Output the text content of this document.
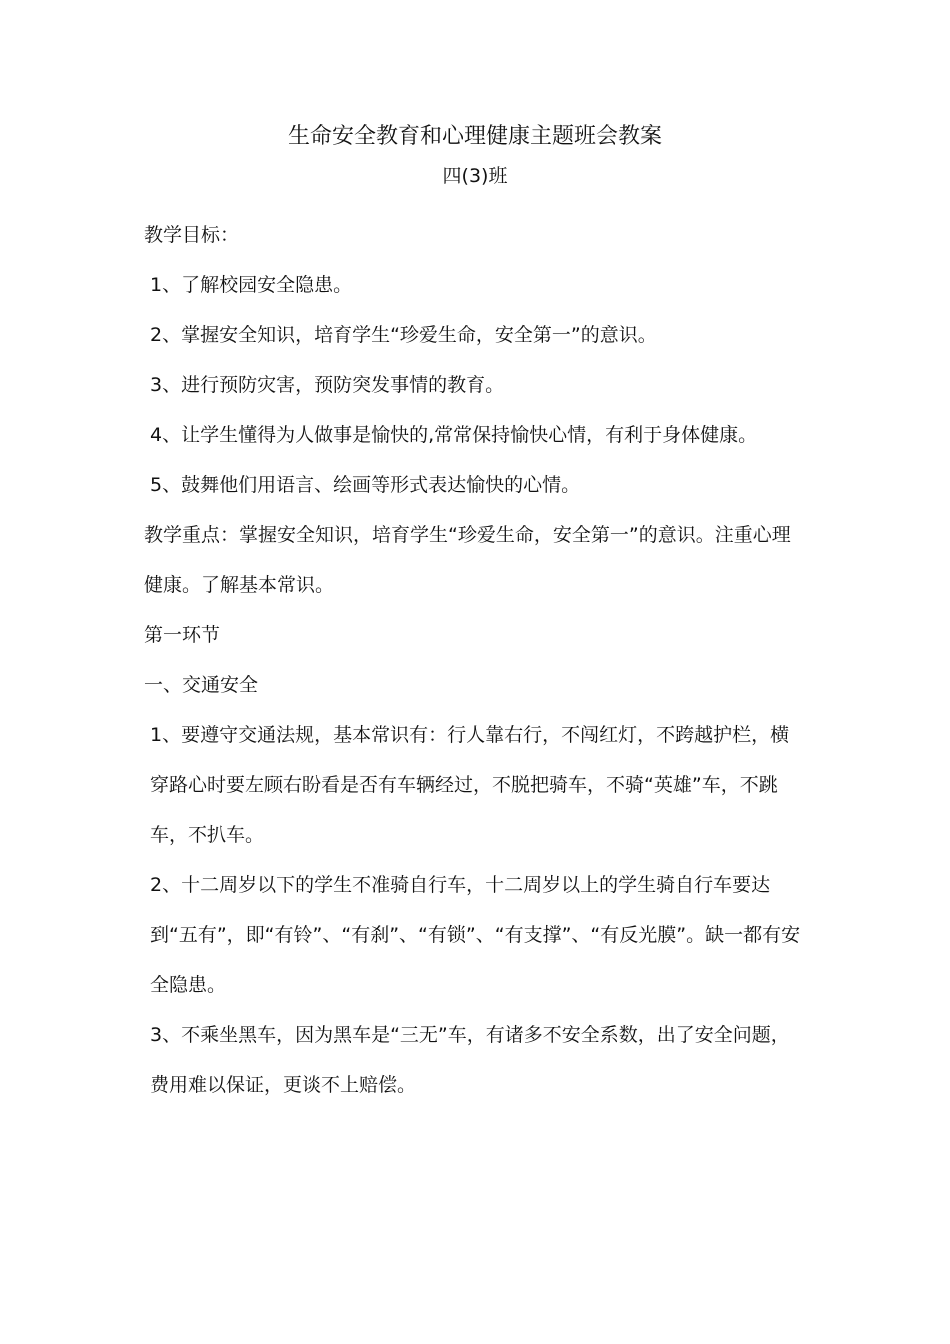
生命安全教育和心理健康主题班会教案
四(3)班

教学目标：

1、了解校园安全隐患。

2、掌握安全知识，培育学生“珍爱生命，安全第一”的意识。

3、进行预防灾害，预防突发事情的教育。

4、让学生懂得为人做事是愉快的,常常保持愉快心情，有利于身体健康。

5、鼓舞他们用语言、绘画等形式表达愉快的心情。

教学重点：掌握安全知识，培育学生“珍爱生命，安全第一”的意识。注重心理健康。了解基本常识。

第一环节

一、交通安全

1、要遵守交通法规，基本常识有：行人靠右行，不闯红灯，不跨越护栏，横穿路心时要左顾右盼看是否有车辆经过，不脱把骑车，不骑“英雄”车，不跳车，不扒车。

2、十二周岁以下的学生不准骑自行车，十二周岁以上的学生骑自行车要达到“五有”，即“有铃”、“有刹”、“有锁”、“有支撑”、“有反光膜”。缺一都有安全隐患。

3、不乘坐黑车，因为黑车是“三无”车，有诸多不安全系数，出了安全问题，费用难以保证，更谈不上赔偿。
